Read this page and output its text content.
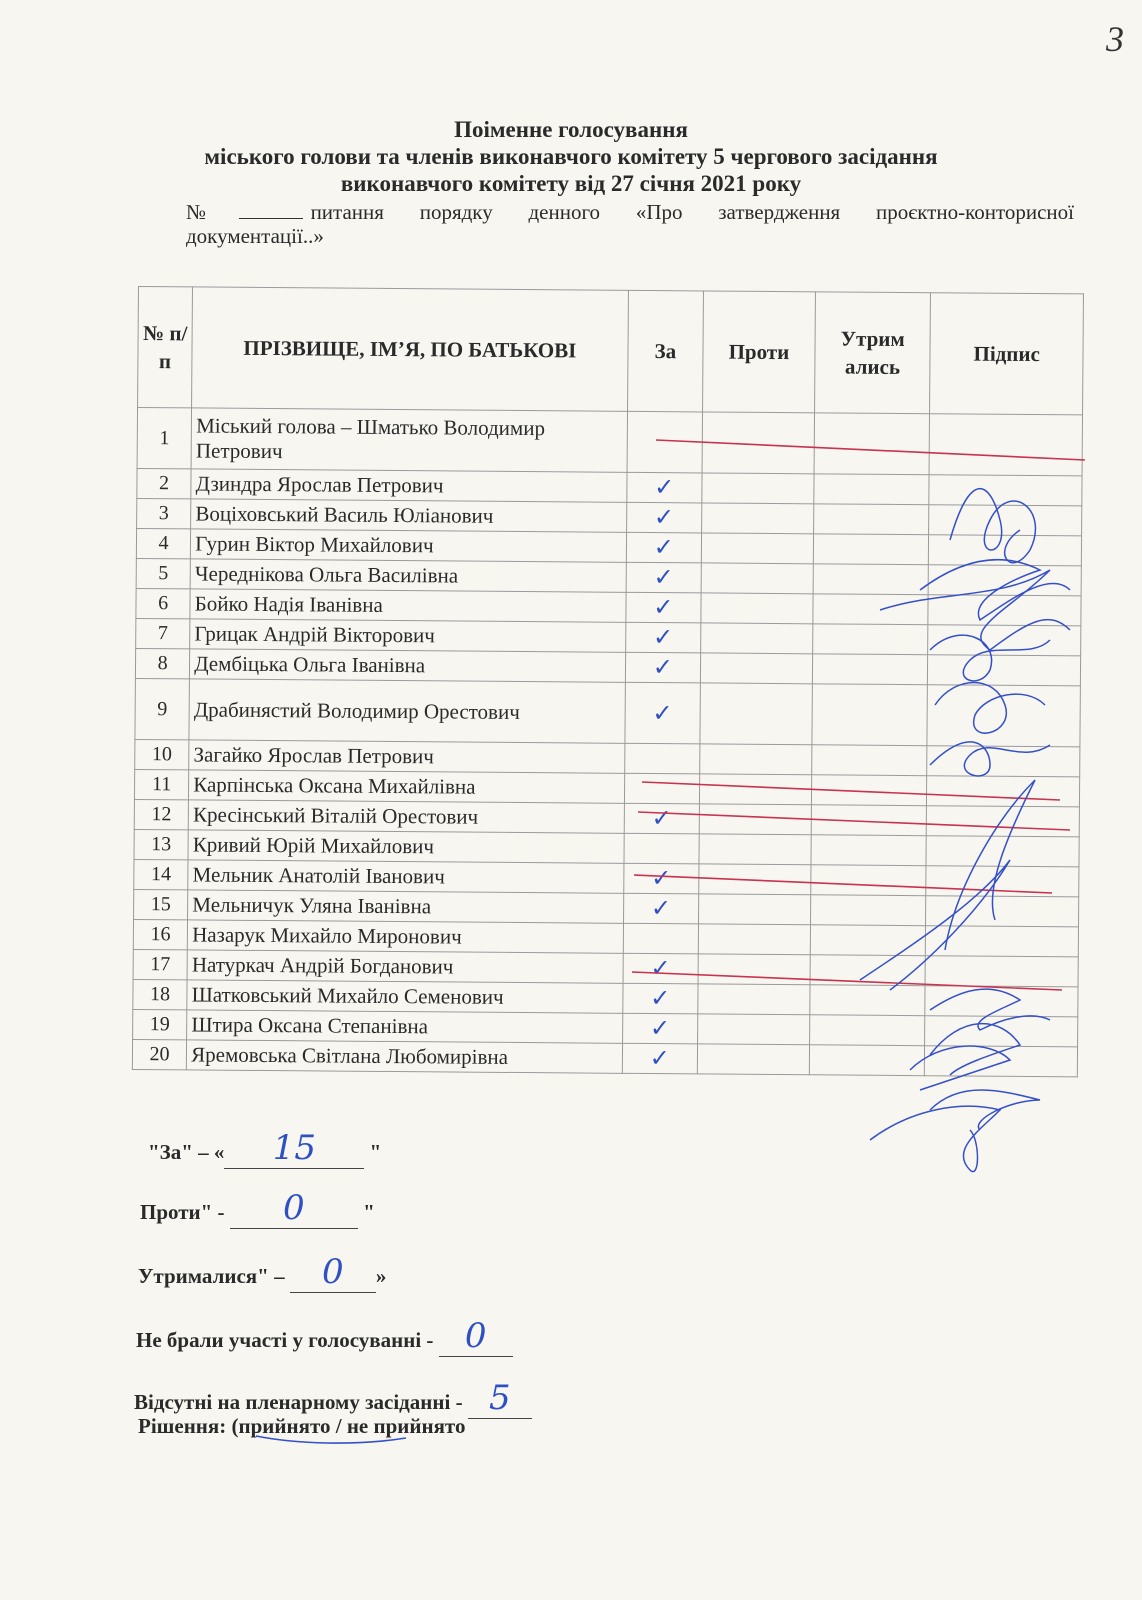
3
Поіменне голосування
міського голови та членів виконавчого комітету 5 чергового засідання
виконавчого комітету від 27 січня 2021 року
№	питання порядку денного «Про затвердження проєктно-конторисної документації..»
№ п/п	ПРІЗВИЩЕ, ІМ’Я, ПО БАТЬКОВІ	За	Проти	Утрим ались	Підпис
1	Міський голова – Шматько Володимир Петрович	

2	Дзиндра Ярослав Петрович	✓			

3	Воціховський Василь Юліанович	✓			

4	Гурин Віктор Михайлович	✓			

5	Череднікова Ольга Василівна	✓			

6	Бойко Надія Іванівна	✓			

7	Грицак Андрій Вікторович	✓			

8	Дембіцька Ольга Іванівна	✓			

9	Драбинястий Володимир Орестович	✓			

10	Загайко Ярослав Петрович	

11	Карпінська Оксана Михайлівна	

12	Кресінський Віталій Орестович	✓			

13	Кривий Юрій Михайлович	

14	Мельник Анатолій Іванович	✓			

15	Мельничук Уляна Іванівна	✓			

16	Назарук Михайло Миронович	

17	Натуркач Андрій Богданович	✓			

18	Шатковський Михайло Семенович	✓			

19	Штира Оксана Степанівна	✓			

20	Яремовська Світлана Любомирівна	✓			

"За" – « 15	"
Проти" - 0	"
Утрималися" – 0 »
Не брали участі у голосуванні - 0
Відсутні на пленарному засіданні - 5
Рішення: (прийнято / не прийнято
